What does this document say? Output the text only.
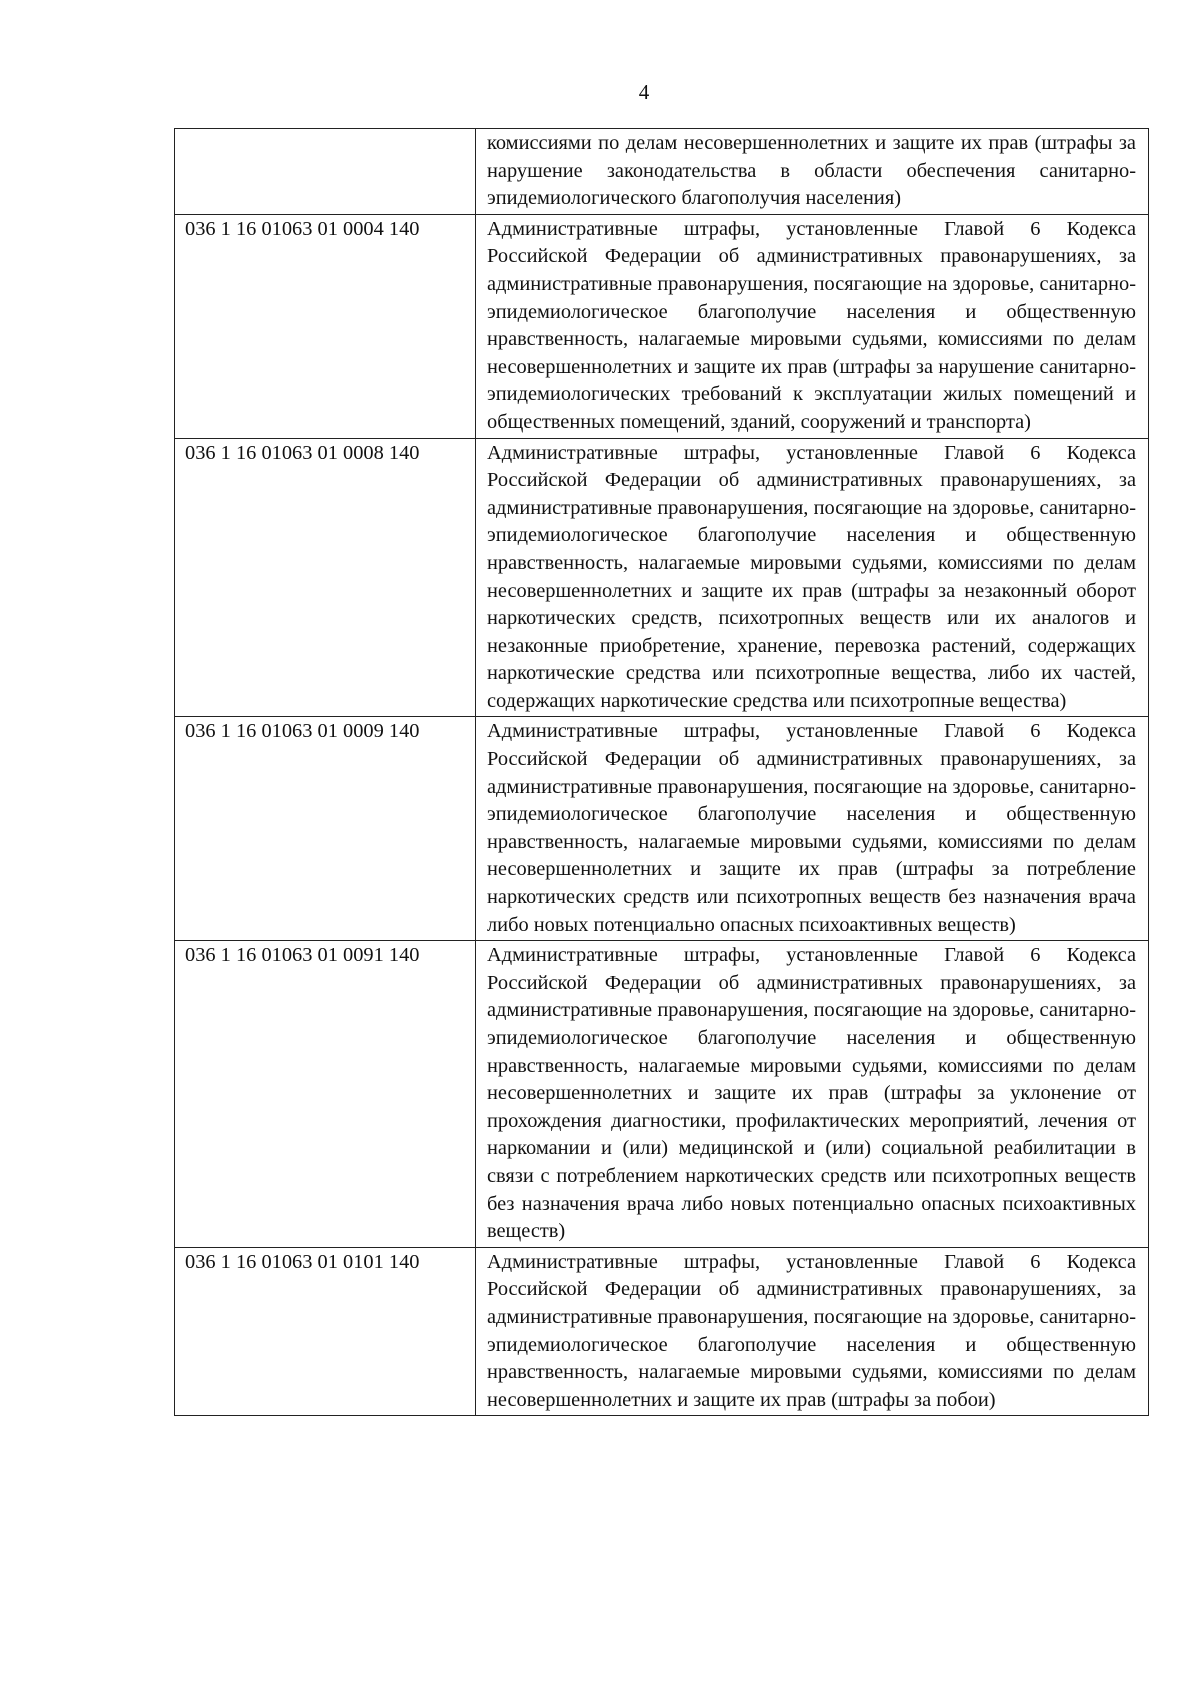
4
	комиссиями по делам несовершеннолетних и защите их прав (штрафы за нарушение законодательства в области обеспечения санитарно-эпидемиологического благополучия населения)
036 1 16 01063 01 0004 140	Административные штрафы, установленные Главой 6 Кодекса Российской Федерации об административных правонарушениях, за административные правонарушения, посягающие на здоровье, санитарно-эпидемиологическое благополучие населения и общественную нравственность, налагаемые мировыми судьями, комиссиями по делам несовершеннолетних и защите их прав (штрафы за нарушение санитарно-эпидемиологических требований к эксплуатации жилых помещений и общественных помещений, зданий, сооружений и транспорта)
036 1 16 01063 01 0008 140	Административные штрафы, установленные Главой 6 Кодекса Российской Федерации об административных правонарушениях, за административные правонарушения, посягающие на здоровье, санитарно-эпидемиологическое благополучие населения и общественную нравственность, налагаемые мировыми судьями, комиссиями по делам несовершеннолетних и защите их прав (штрафы за незаконный оборот наркотических средств, психотропных веществ или их аналогов и незаконные приобретение, хранение, перевозка растений, содержащих наркотические средства или психотропные вещества, либо их частей, содержащих наркотические средства или психотропные вещества)
036 1 16 01063 01 0009 140	Административные штрафы, установленные Главой 6 Кодекса Российской Федерации об административных правонарушениях, за административные правонарушения, посягающие на здоровье, санитарно-эпидемиологическое благополучие населения и общественную нравственность, налагаемые мировыми судьями, комиссиями по делам несовершеннолетних и защите их прав (штрафы за потребление наркотических средств или психотропных веществ без назначения врача либо новых потенциально опасных психоактивных веществ)
036 1 16 01063 01 0091 140	Административные штрафы, установленные Главой 6 Кодекса Российской Федерации об административных правонарушениях, за административные правонарушения, посягающие на здоровье, санитарно-эпидемиологическое благополучие населения и общественную нравственность, налагаемые мировыми судьями, комиссиями по делам несовершеннолетних и защите их прав (штрафы за уклонение от прохождения диагностики, профилактических мероприятий, лечения от наркомании и (или) медицинской и (или) социальной реабилитации в связи с потреблением наркотических средств или психотропных веществ без назначения врача либо новых потенциально опасных психоактивных веществ)
036 1 16 01063 01 0101 140	Административные штрафы, установленные Главой 6 Кодекса Российской Федерации об административных правонарушениях, за административные правонарушения, посягающие на здоровье, санитарно-эпидемиологическое благополучие населения и общественную нравственность, налагаемые мировыми судьями, комиссиями по делам несовершеннолетних и защите их прав (штрафы за побои)
